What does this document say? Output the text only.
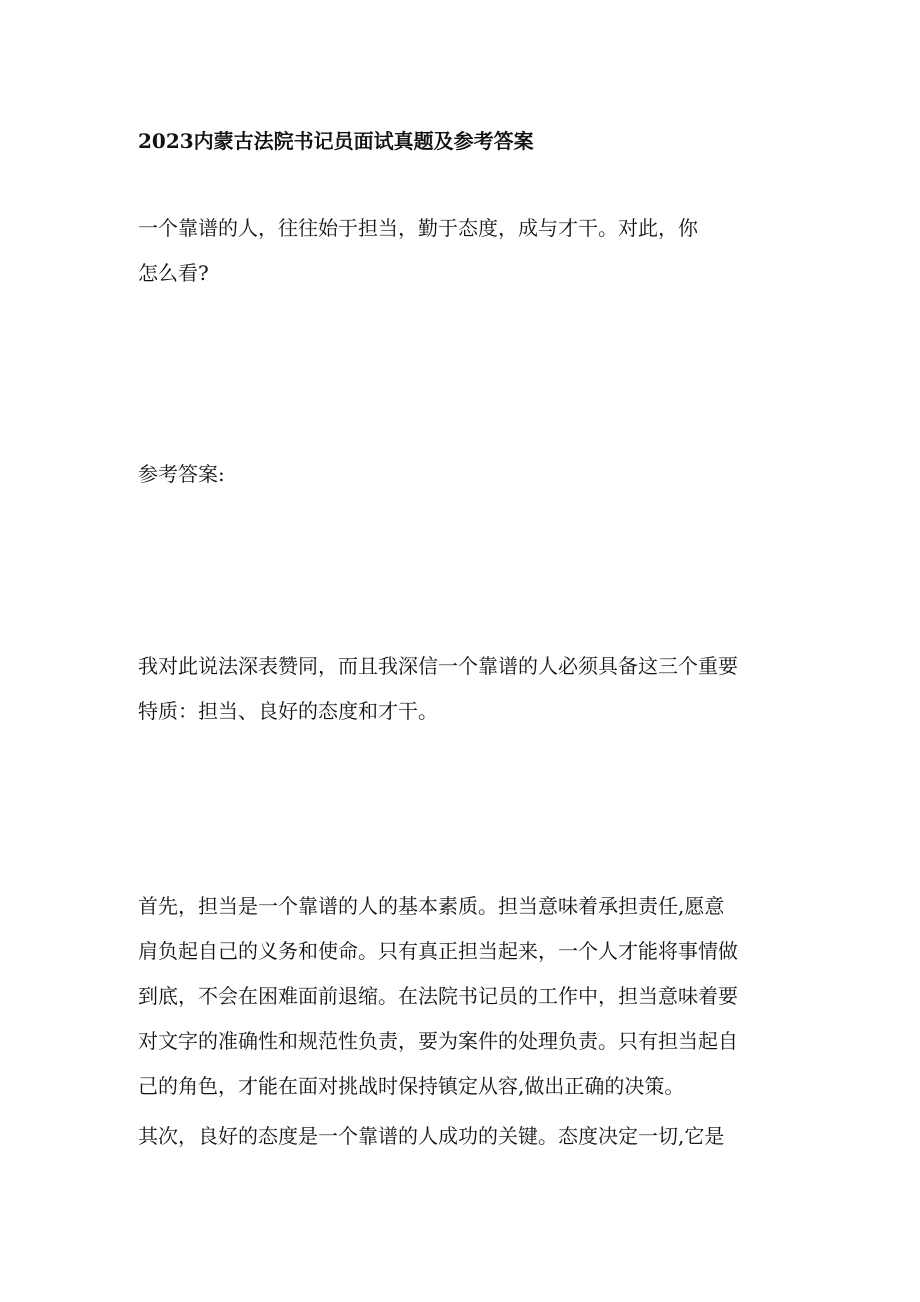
2023内蒙古法院书记员面试真题及参考答案
一个靠谱的人，往往始于担当，勤于态度，成与才干。对此，你
怎么看?
参考答案:
我对此说法深表赞同，而且我深信一个靠谱的人必须具备这三个重要
特质：担当、良好的态度和才干。
首先，担当是一个靠谱的人的基本素质。担当意味着承担责任,愿意
肩负起自己的义务和使命。只有真正担当起来，一个人才能将事情做
到底，不会在困难面前退缩。在法院书记员的工作中，担当意味着要
对文字的准确性和规范性负责，要为案件的处理负责。只有担当起自
己的角色，才能在面对挑战时保持镇定从容,做出正确的决策。
其次，良好的态度是一个靠谱的人成功的关键。态度决定一切,它是
